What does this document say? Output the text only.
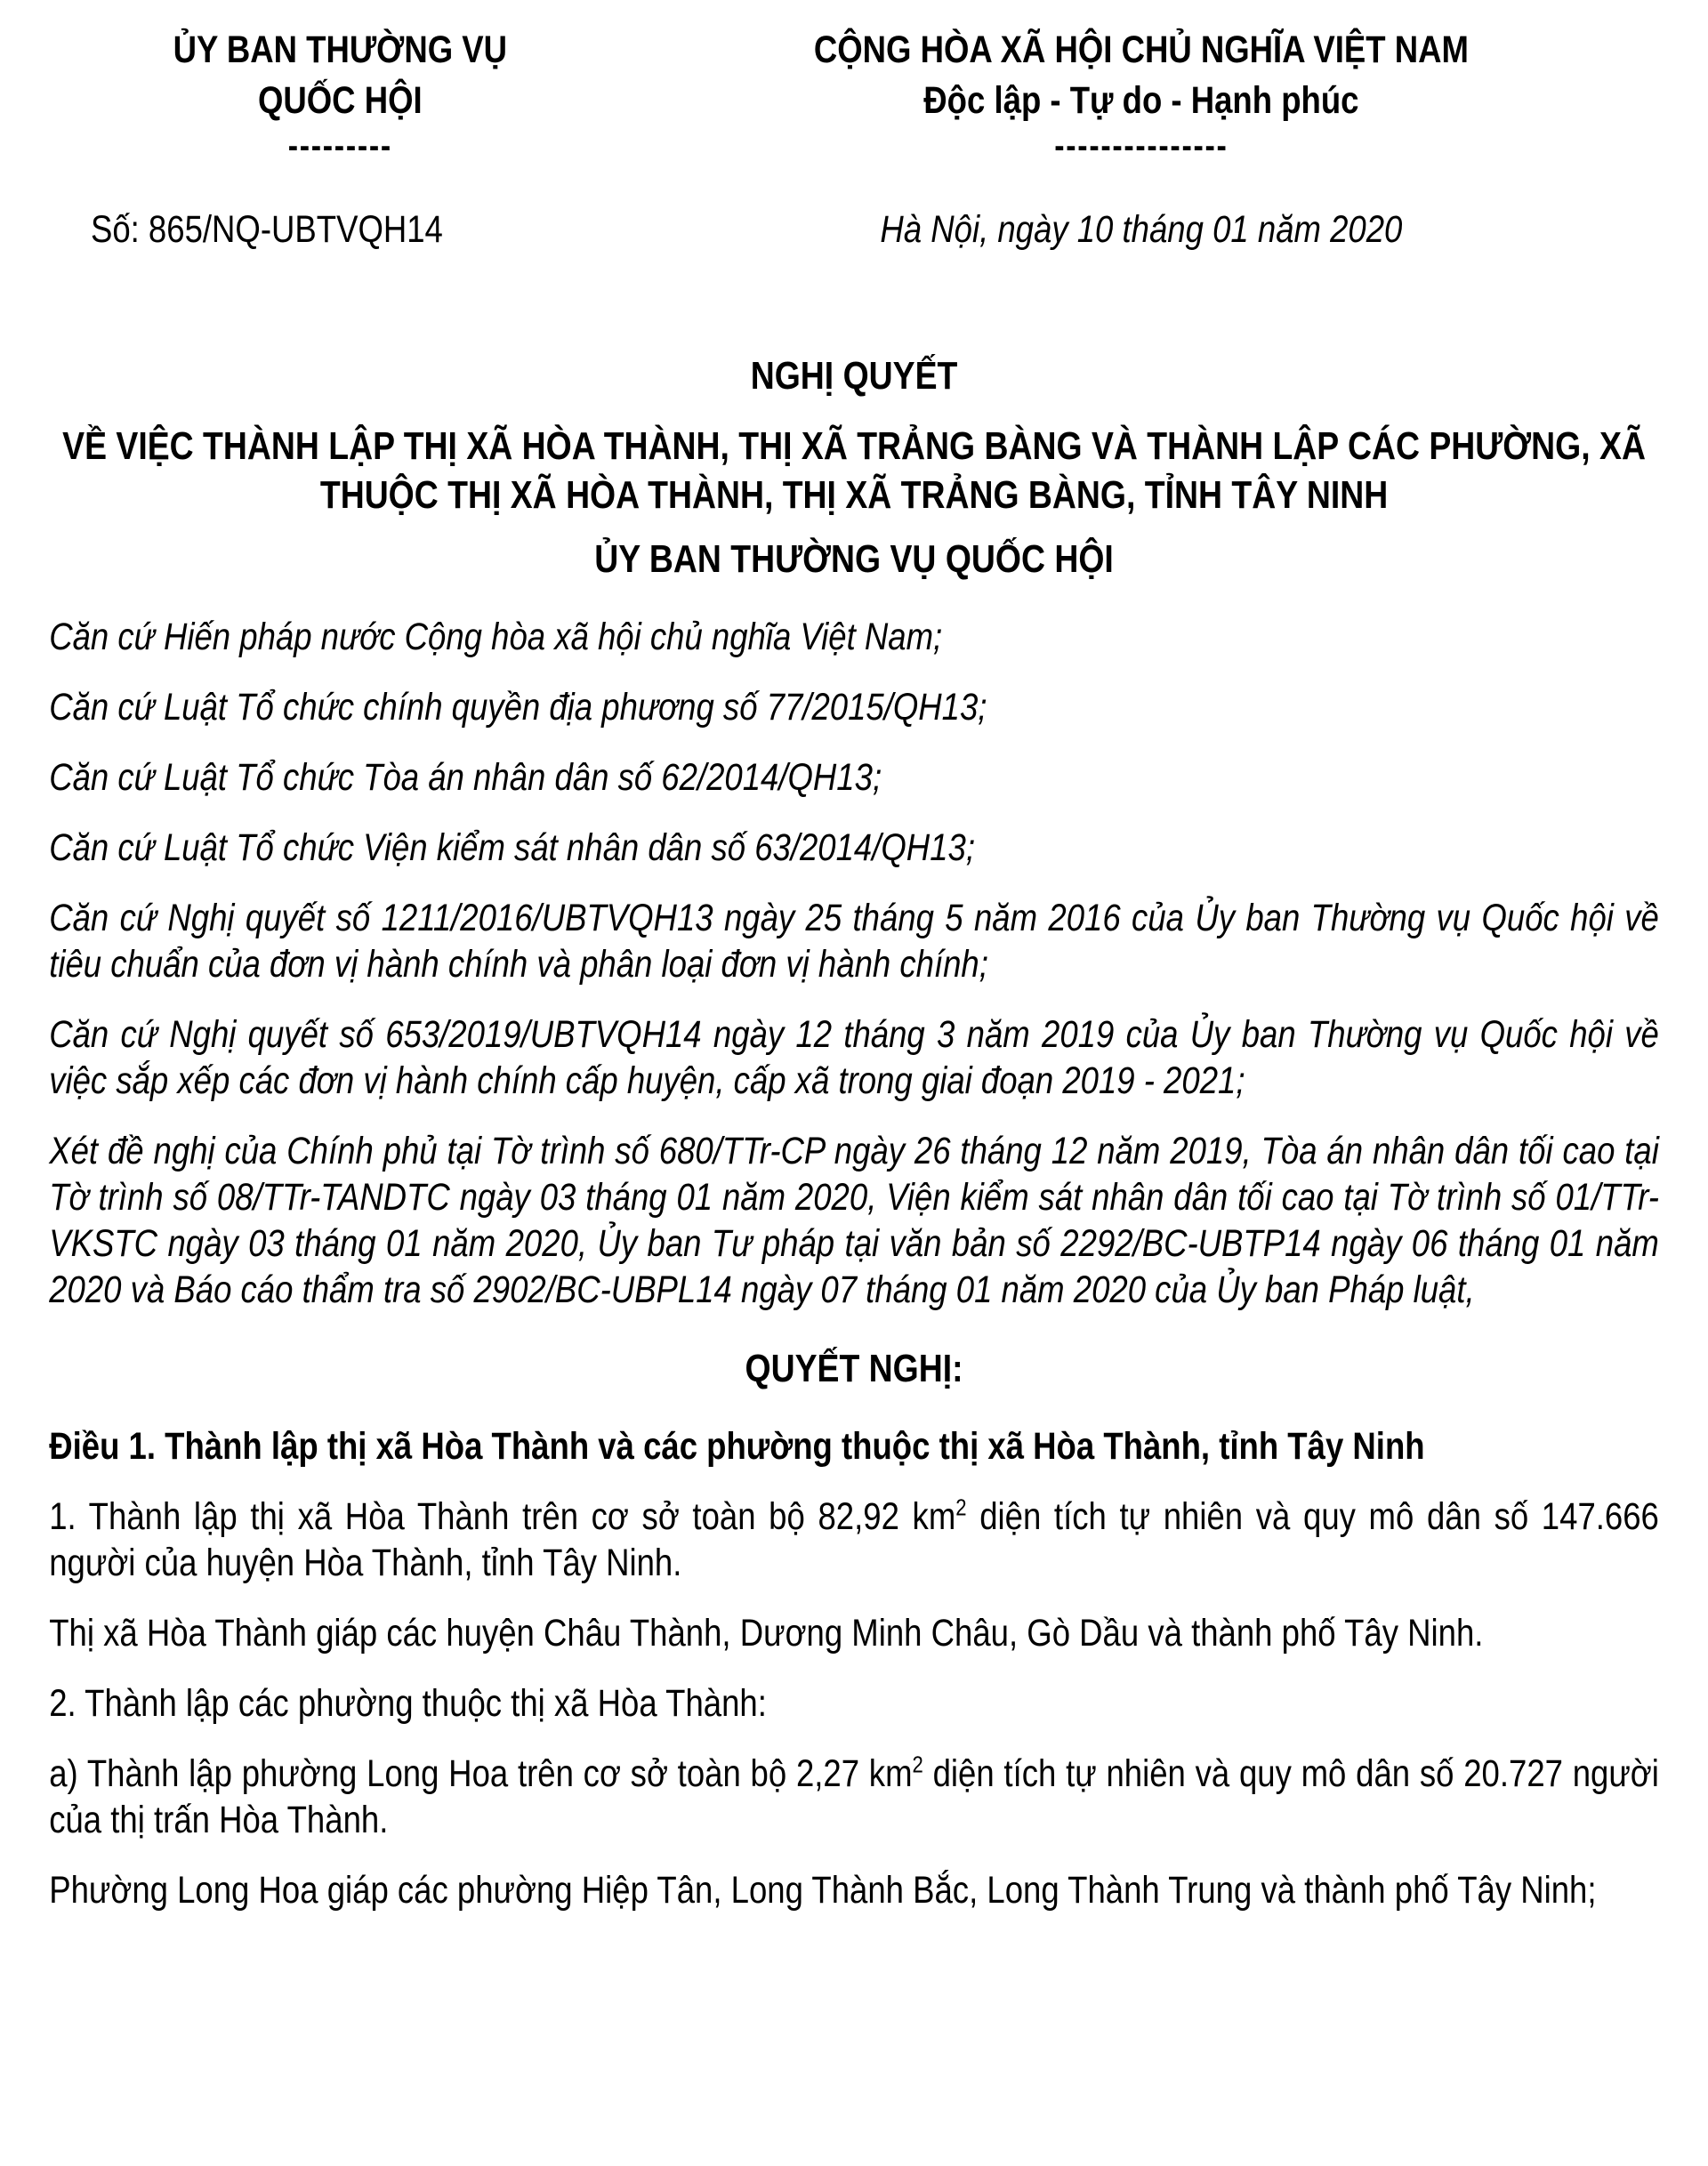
ỦY BAN THƯỜNG VỤ
QUỐC HỘI
---------
CỘNG HÒA XÃ HỘI CHỦ NGHĨA VIỆT NAM
Độc lập - Tự do - Hạnh phúc
---------------
Số: 865/NQ-UBTVQH14	Hà Nội, ngày 10 tháng 01 năm 2020
NGHỊ QUYẾT
VỀ VIỆC THÀNH LẬP THỊ XÃ HÒA THÀNH, THỊ XÃ TRẢNG BÀNG VÀ THÀNH LẬP CÁC PHƯỜNG, XÃ THUỘC THỊ XÃ HÒA THÀNH, THỊ XÃ TRẢNG BÀNG, TỈNH TÂY NINH
ỦY BAN THƯỜNG VỤ QUỐC HỘI

Căn cứ Hiến pháp nước Cộng hòa xã hội chủ nghĩa Việt Nam;

Căn cứ Luật Tổ chức chính quyền địa phương số 77/2015/QH13;

Căn cứ Luật Tổ chức Tòa án nhân dân số 62/2014/QH13;

Căn cứ Luật Tổ chức Viện kiểm sát nhân dân số 63/2014/QH13;

Căn cứ Nghị quyết số 1211/2016/UBTVQH13 ngày 25 tháng 5 năm 2016 của Ủy ban Thường vụ Quốc hội về tiêu chuẩn của đơn vị hành chính và phân loại đơn vị hành chính;

Căn cứ Nghị quyết số 653/2019/UBTVQH14 ngày 12 tháng 3 năm 2019 của Ủy ban Thường vụ Quốc hội về việc sắp xếp các đơn vị hành chính cấp huyện, cấp xã trong giai đoạn 2019 - 2021;

Xét đề nghị của Chính phủ tại Tờ trình số 680/TTr-CP ngày 26 tháng 12 năm 2019, Tòa án nhân dân tối cao tại Tờ trình số 08/TTr-TANDTC ngày 03 tháng 01 năm 2020, Viện kiểm sát nhân dân tối cao tại Tờ trình số 01/TTr-VKSTC ngày 03 tháng 01 năm 2020, Ủy ban Tư pháp tại văn bản số 2292/BC-UBTP14 ngày 06 tháng 01 năm 2020 và Báo cáo thẩm tra số 2902/BC-UBPL14 ngày 07 tháng 01 năm 2020 của Ủy ban Pháp luật,

QUYẾT NGHỊ:

Điều 1. Thành lập thị xã Hòa Thành và các phường thuộc thị xã Hòa Thành, tỉnh Tây Ninh

1. Thành lập thị xã Hòa Thành trên cơ sở toàn bộ 82,92 $km^2$ diện tích tự nhiên và quy mô dân số 147.666 người của huyện Hòa Thành, tỉnh Tây Ninh.

Thị xã Hòa Thành giáp các huyện Châu Thành, Dương Minh Châu, Gò Dầu và thành phố Tây Ninh.

2. Thành lập các phường thuộc thị xã Hòa Thành:

a) Thành lập phường Long Hoa trên cơ sở toàn bộ 2,27 $km^2$ diện tích tự nhiên và quy mô dân số 20.727 người của thị trấn Hòa Thành.

Phường Long Hoa giáp các phường Hiệp Tân, Long Thành Bắc, Long Thành Trung và thành phố Tây Ninh;
